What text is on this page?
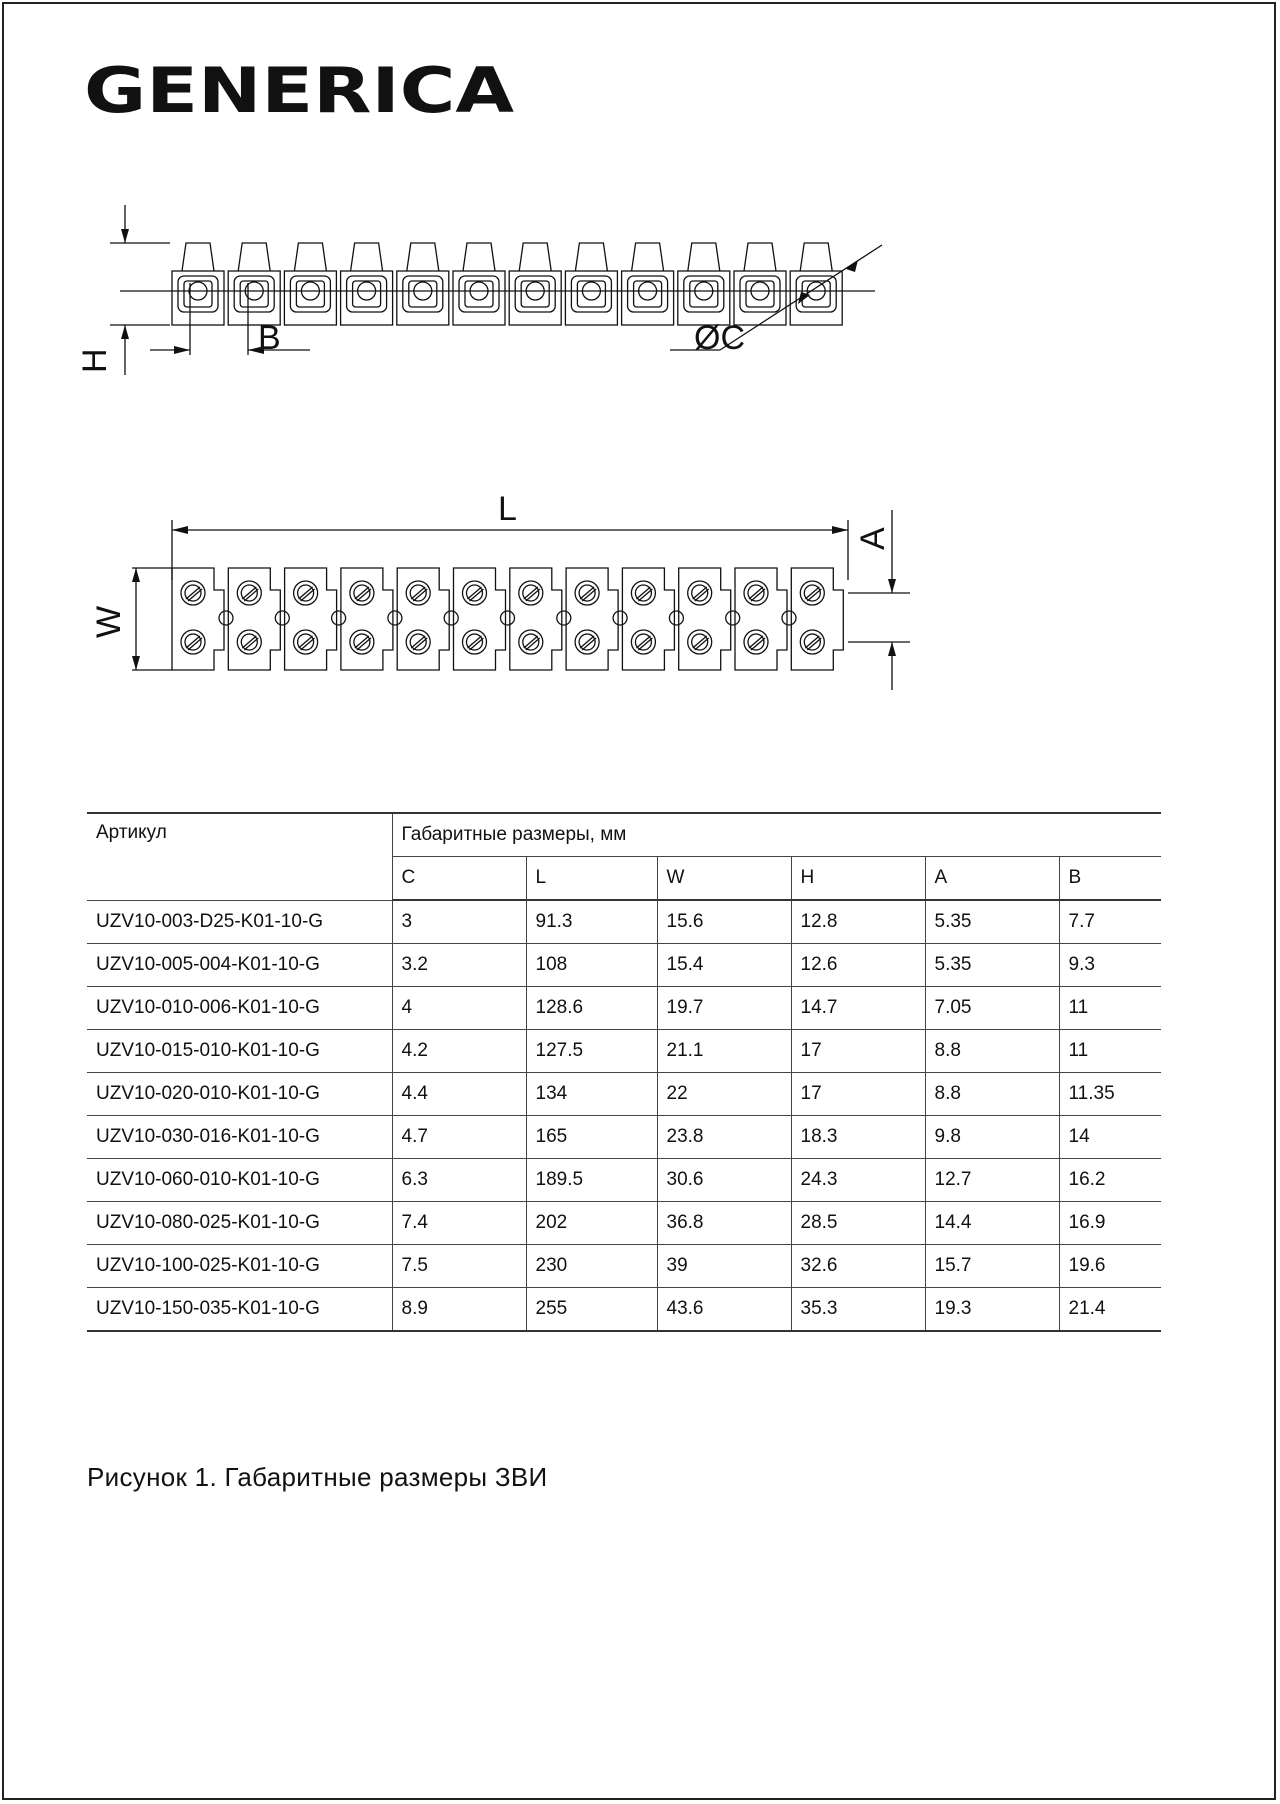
GENERICA
H
B	ØC
L
W
A
Артикул	Габаритные размеры, мм					
	C	L	W	H	A	B
UZV10-003-D25-K01-10-G	3	91.3	15.6	12.8	5.35	7.7
UZV10-005-004-K01-10-G	3.2	108	15.4	12.6	5.35	9.3
UZV10-010-006-K01-10-G	4	128.6	19.7	14.7	7.05	11
UZV10-015-010-K01-10-G	4.2	127.5	21.1	17	8.8	11
UZV10-020-010-K01-10-G	4.4	134	22	17	8.8	11.35
UZV10-030-016-K01-10-G	4.7	165	23.8	18.3	9.8	14
UZV10-060-010-K01-10-G	6.3	189.5	30.6	24.3	12.7	16.2
UZV10-080-025-K01-10-G	7.4	202	36.8	28.5	14.4	16.9
UZV10-100-025-K01-10-G	7.5	230	39	32.6	15.7	19.6
UZV10-150-035-K01-10-G	8.9	255	43.6	35.3	19.3	21.4
Рисунок 1. Габаритные размеры ЗВИ
